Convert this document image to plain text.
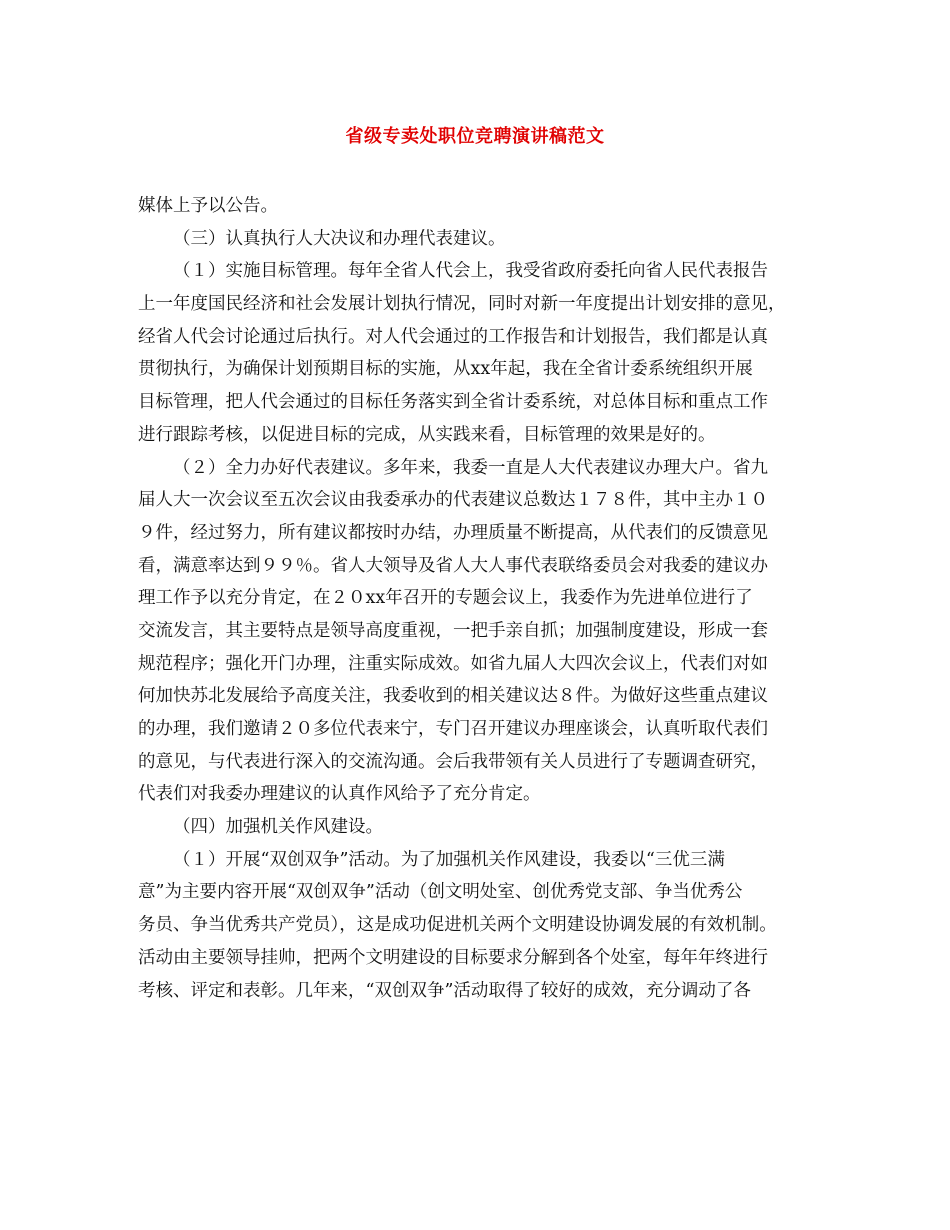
省级专卖处职位竞聘演讲稿范文
媒体上予以公告。
（三）认真执行人大决议和办理代表建议。
（１）实施目标管理。每年全省人代会上，我受省政府委托向省人民代表报告
上一年度国民经济和社会发展计划执行情况，同时对新一年度提出计划安排的意见，
经省人代会讨论通过后执行。对人代会通过的工作报告和计划报告，我们都是认真
贯彻执行，为确保计划预期目标的实施，从xx年起，我在全省计委系统组织开展
目标管理，把人代会通过的目标任务落实到全省计委系统，对总体目标和重点工作
进行跟踪考核，以促进目标的完成，从实践来看，目标管理的效果是好的。
（２）全力办好代表建议。多年来，我委一直是人大代表建议办理大户。省九
届人大一次会议至五次会议由我委承办的代表建议总数达１７８件，其中主办１０
９件，经过努力，所有建议都按时办结，办理质量不断提高，从代表们的反馈意见
看，满意率达到９９％。省人大领导及省人大人事代表联络委员会对我委的建议办
理工作予以充分肯定，在２０xx年召开的专题会议上，我委作为先进单位进行了
交流发言，其主要特点是领导高度重视，一把手亲自抓；加强制度建设，形成一套
规范程序；强化开门办理，注重实际成效。如省九届人大四次会议上，代表们对如
何加快苏北发展给予高度关注，我委收到的相关建议达８件。为做好这些重点建议
的办理，我们邀请２０多位代表来宁，专门召开建议办理座谈会，认真听取代表们
的意见，与代表进行深入的交流沟通。会后我带领有关人员进行了专题调查研究，
代表们对我委办理建议的认真作风给予了充分肯定。
（四）加强机关作风建设。
（１）开展“双创双争”活动。为了加强机关作风建设，我委以“三优三满
意”为主要内容开展“双创双争”活动（创文明处室、创优秀党支部、争当优秀公
务员、争当优秀共产党员），这是成功促进机关两个文明建设协调发展的有效机制。
活动由主要领导挂帅，把两个文明建设的目标要求分解到各个处室，每年年终进行
考核、评定和表彰。几年来，“双创双争”活动取得了较好的成效，充分调动了各
